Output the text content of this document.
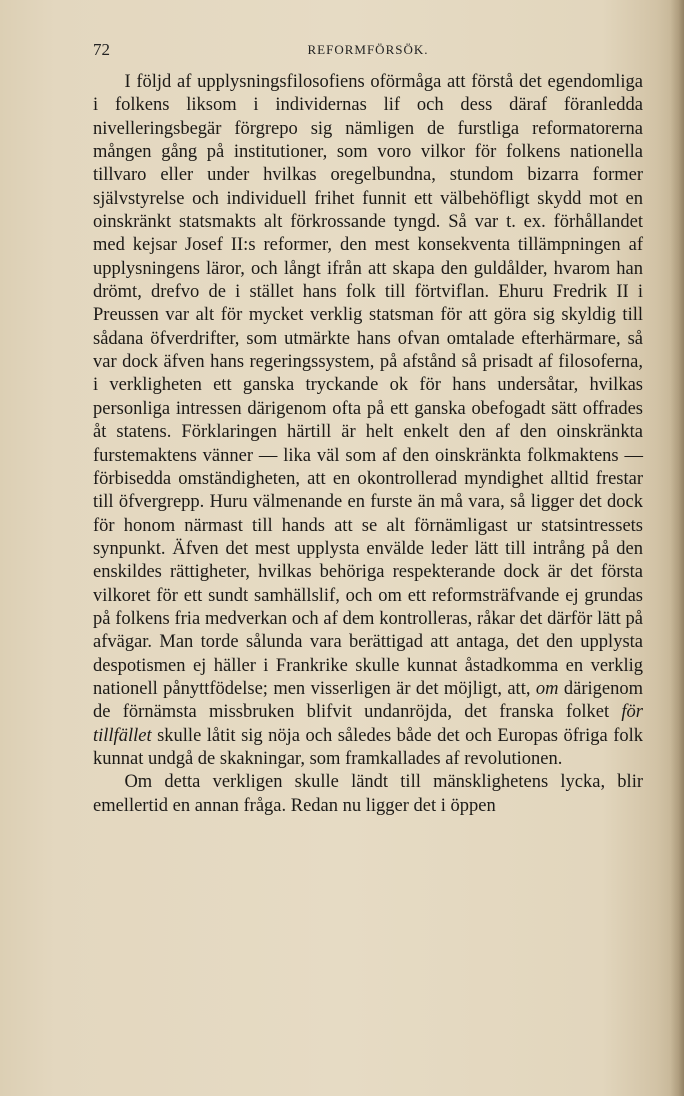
72	REFORMFÖRSÖK.

I följd af upplysningsfilosofiens oförmåga att förstå det egendomliga i folkens liksom i individernas lif och dess däraf föranledda nivelleringsbegär förgrepo sig nämligen de furstliga reformatorerna mången gång på institutioner, som voro vilkor för folkens nationella tillvaro eller under hvilkas oregelbundna, stundom bizarra former självstyrelse och individuell frihet funnit ett välbehöfligt skydd mot en oinskränkt statsmakts alt förkrossande tyngd. Så var t. ex. förhållandet med kejsar Josef II:s reformer, den mest konsekventa tillämpningen af upplysningens läror, och långt ifrån att skapa den guldålder, hvarom han drömt, drefvo de i stället hans folk till förtviflan. Ehuru Fredrik II i Preussen var alt för mycket verklig statsman för att göra sig skyldig till sådana öfverdrifter, som utmärkte hans ofvan omtalade efterhärmare, så var dock äfven hans regeringssystem, på afstånd så prisadt af filosoferna, i verkligheten ett ganska tryckande ok för hans undersåtar, hvilkas personliga intressen därigenom ofta på ett ganska obefogadt sätt offrades åt statens. Förklaringen härtill är helt enkelt den af den oinskränkta furstemaktens vänner — lika väl som af den oinskränkta folkmaktens — förbisedda omständigheten, att en okontrollerad myndighet alltid frestar till öfvergrepp. Huru välmenande en furste än må vara, så ligger det dock för honom närmast till hands att se alt förnämligast ur statsintressets synpunkt. Äfven det mest upplysta envälde leder lätt till intrång på den enskildes rättigheter, hvilkas behöriga respekterande dock är det första vilkoret för ett sundt samhällslif, och om ett reformsträfvande ej grundas på folkens fria medverkan och af dem kontrolleras, råkar det därför lätt på afvägar. Man torde sålunda vara berättigad att antaga, det den upplysta despotismen ej häller i Frankrike skulle kunnat åstadkomma en verklig nationell pånyttfödelse; men visserligen är det möjligt, att, om därigenom de förnämsta missbruken blifvit undanröjda, det franska folket för tillfället skulle låtit sig nöja och således både det och Europas öfriga folk kunnat undgå de skakningar, som framkallades af revolutionen.

Om detta verkligen skulle ländt till mänsklighetens lycka, blir emellertid en annan fråga. Redan nu ligger det i öppen
